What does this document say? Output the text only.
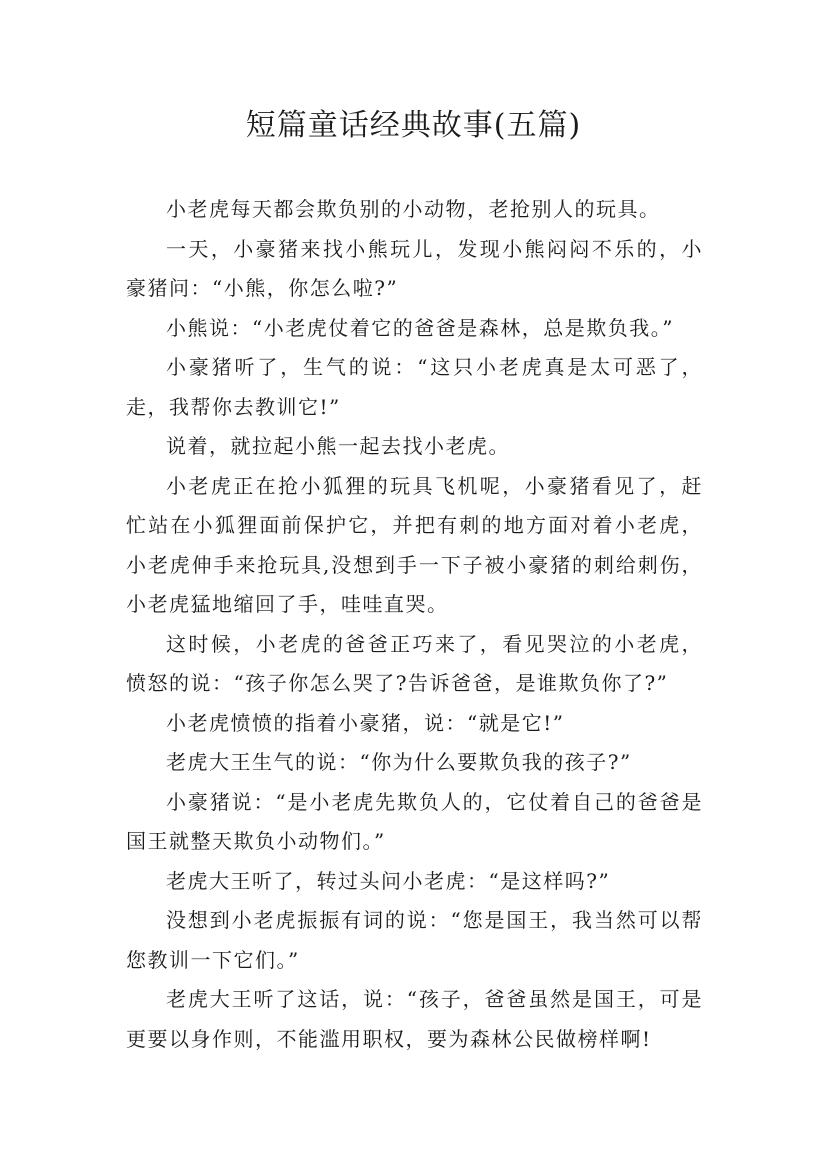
短篇童话经典故事(五篇)

小老虎每天都会欺负别的小动物，老抢别人的玩具。

一天，小豪猪来找小熊玩儿，发现小熊闷闷不乐的，小豪猪问：“小熊，你怎么啦?”

小熊说：“小老虎仗着它的爸爸是森林，总是欺负我。”

小豪猪听了，生气的说：“这只小老虎真是太可恶了，走，我帮你去教训它!”

说着，就拉起小熊一起去找小老虎。

小老虎正在抢小狐狸的玩具飞机呢，小豪猪看见了，赶忙站在小狐狸面前保护它，并把有刺的地方面对着小老虎，小老虎伸手来抢玩具,没想到手一下子被小豪猪的刺给刺伤，小老虎猛地缩回了手，哇哇直哭。

这时候，小老虎的爸爸正巧来了，看见哭泣的小老虎，愤怒的说：“孩子你怎么哭了?告诉爸爸，是谁欺负你了?”

小老虎愤愤的指着小豪猪，说：“就是它!”

老虎大王生气的说：“你为什么要欺负我的孩子?”

小豪猪说：“是小老虎先欺负人的，它仗着自己的爸爸是国王就整天欺负小动物们。”

老虎大王听了，转过头问小老虎：“是这样吗?”

没想到小老虎振振有词的说：“您是国王，我当然可以帮您教训一下它们。”

老虎大王听了这话，说：“孩子，爸爸虽然是国王，可是更要以身作则，不能滥用职权，要为森林公民做榜样啊!
